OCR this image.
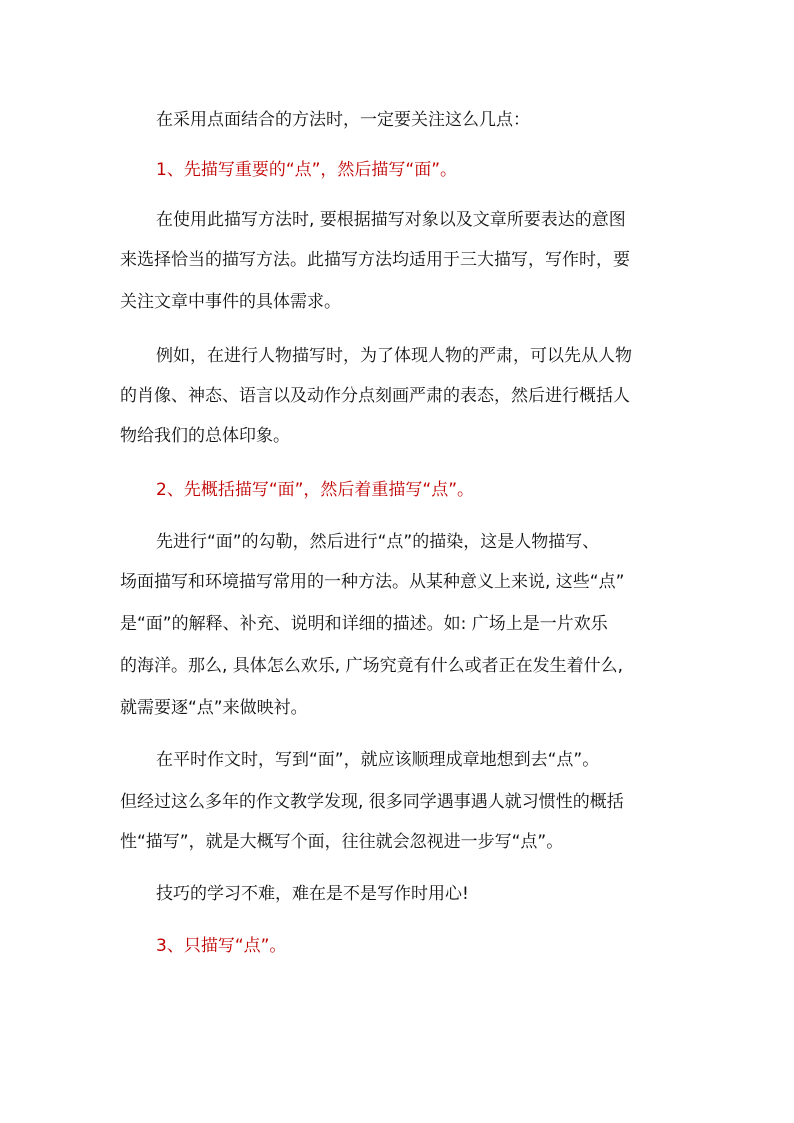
在采用点面结合的方法时，一定要关注这么几点：
1、先描写重要的“点”，然后描写“面”。
在使用此描写方法时, 要根据描写对象以及文章所要表达的意图
来选择恰当的描写方法。此描写方法均适用于三大描写，写作时，要
关注文章中事件的具体需求。
例如，在进行人物描写时，为了体现人物的严肃，可以先从人物
的肖像、神态、语言以及动作分点刻画严肃的表态，然后进行概括人
物给我们的总体印象。
2、先概括描写“面”，然后着重描写“点”。
先进行“面”的勾勒，然后进行“点”的描染，这是人物描写、
场面描写和环境描写常用的一种方法。从某种意义上来说, 这些“点”
是“面”的解释、补充、说明和详细的描述。如: 广场上是一片欢乐
的海洋。那么, 具体怎么欢乐, 广场究竟有什么或者正在发生着什么,
就需要逐“点”来做映衬。
在平时作文时，写到“面”，就应该顺理成章地想到去“点”。
但经过这么多年的作文教学发现, 很多同学遇事遇人就习惯性的概括
性“描写”，就是大概写个面，往往就会忽视进一步写“点”。
技巧的学习不难，难在是不是写作时用心!
3、只描写“点”。
